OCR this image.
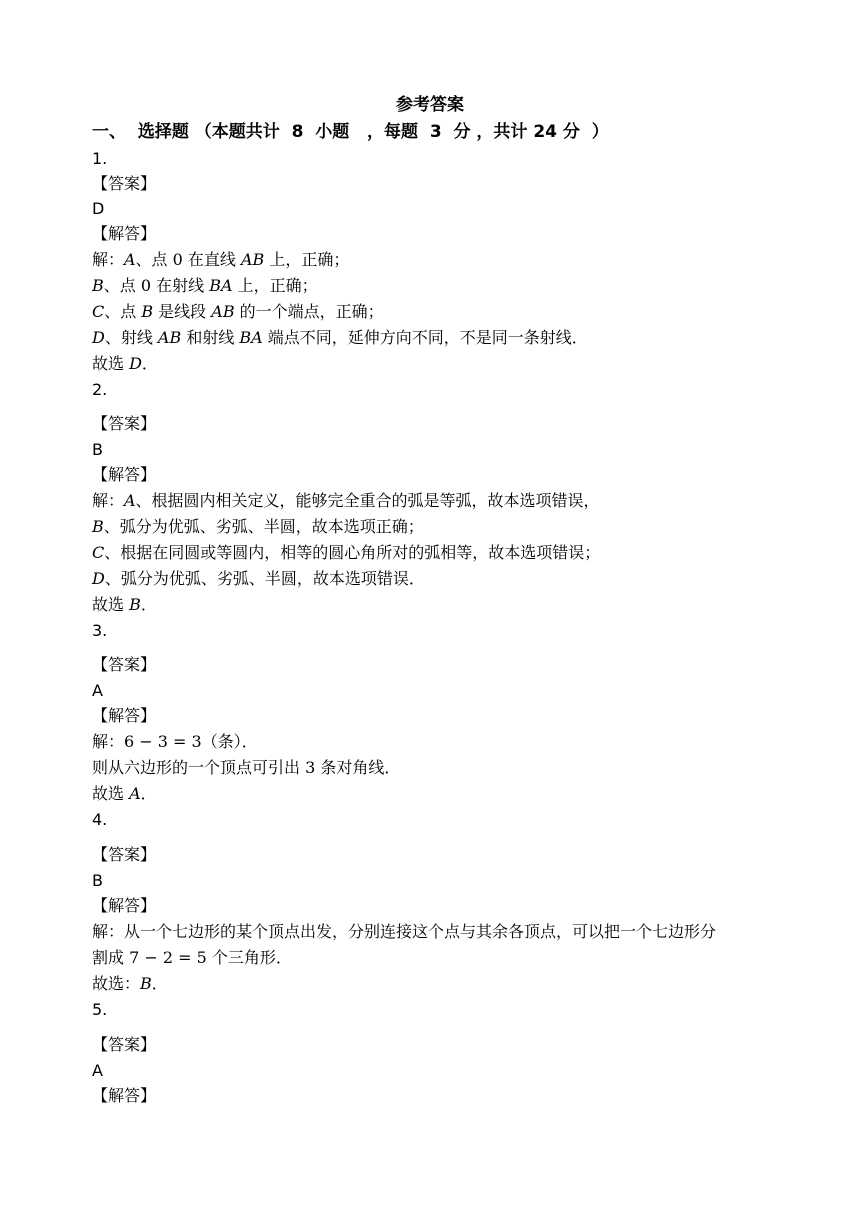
参考答案
一、  选择题 （本题共计  8  小题   ，每题  3  分 ，共计 24 分  ）
1.
【答案】
D
【解答】
解：𝐴、点 0 在直线 𝐴𝐵 上，正确；
𝐵、点 0 在射线 𝐵𝐴 上，正确；
𝐶、点 𝐵 是线段 𝐴𝐵 的一个端点，正确；
𝐷、射线 𝐴𝐵 和射线 𝐵𝐴 端点不同，延伸方向不同，不是同一条射线．
故选 𝐷．
2.
【答案】
B
【解答】
解：𝐴、根据圆内相关定义，能够完全重合的弧是等弧，故本选项错误，
𝐵、弧分为优弧、劣弧、半圆，故本选项正确；
𝐶、根据在同圆或等圆内，相等的圆心角所对的弧相等，故本选项错误；
𝐷、弧分为优弧、劣弧、半圆，故本选项错误．
故选 𝐵．
3.
【答案】
A
【解答】
解：6 − 3 = 3（条）．
则从六边形的一个顶点可引出 3 条对角线．
故选 𝐴．
4.
【答案】
B
【解答】
解：从一个七边形的某个顶点出发，分别连接这个点与其余各顶点，可以把一个七边形分
割成 7 − 2 = 5 个三角形．
故选：𝐵．
5.
【答案】
A
【解答】
